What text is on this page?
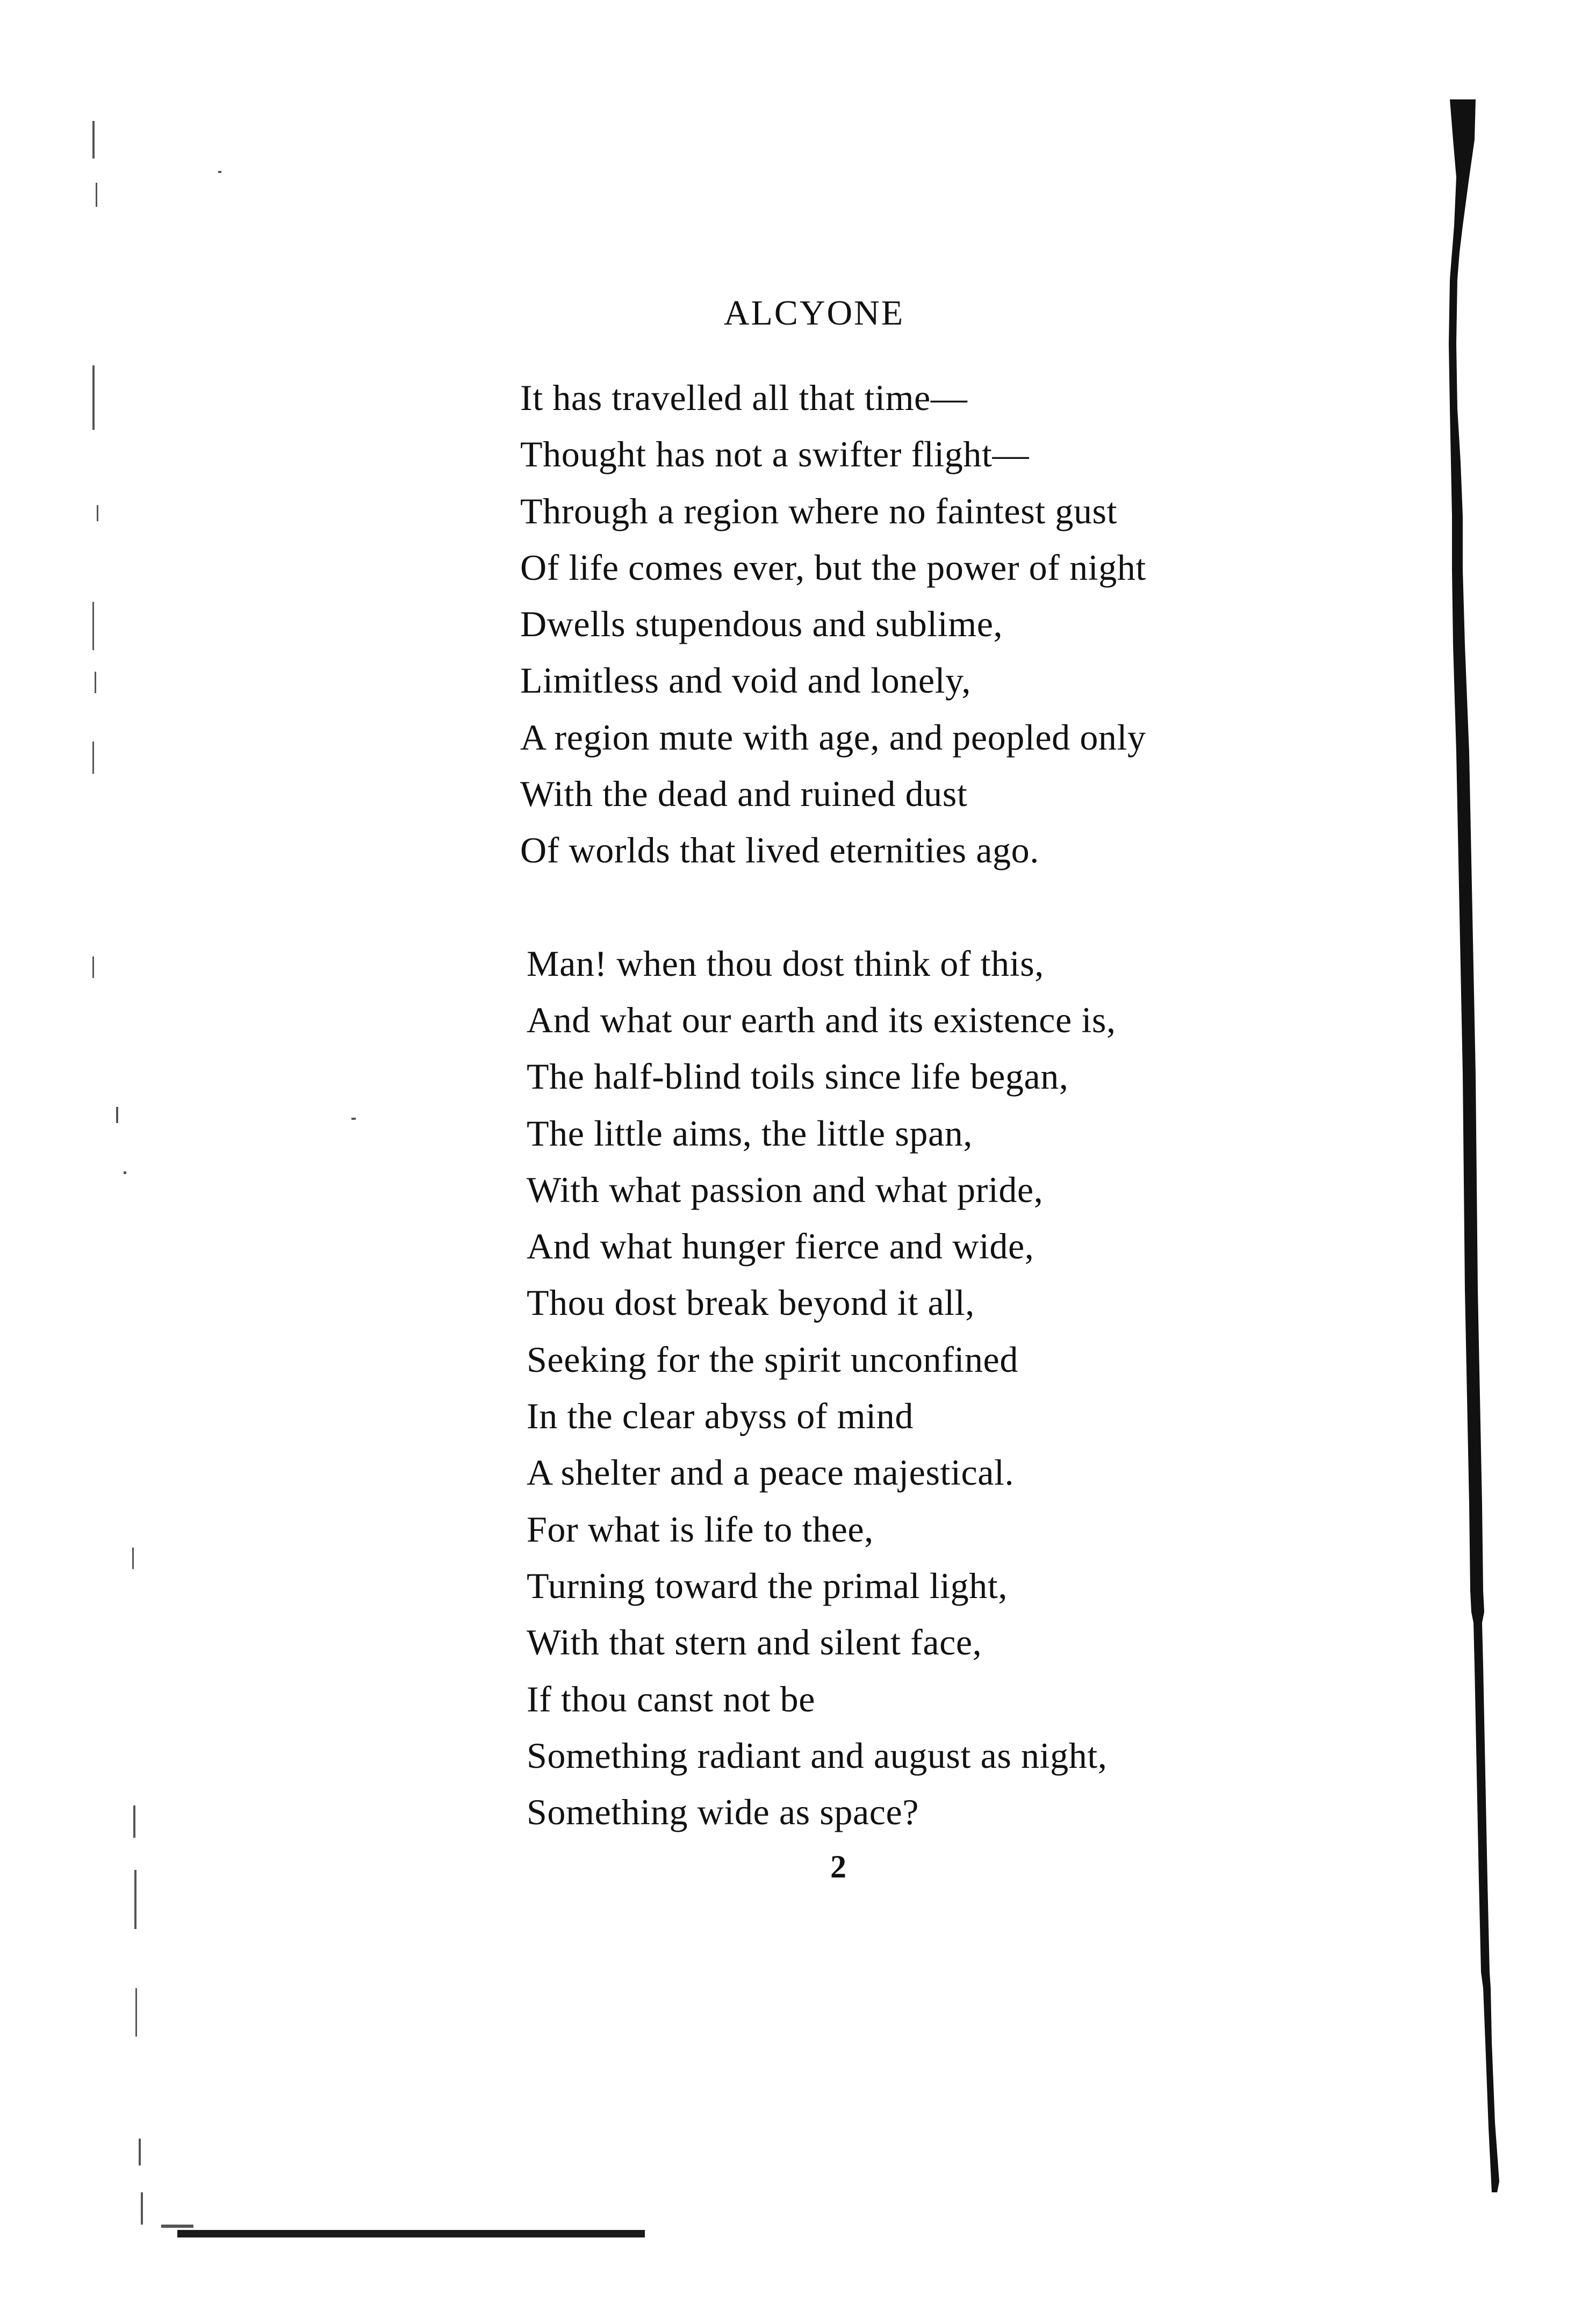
ALCYONE

It has travelled all that time—
Thought has not a swifter flight—
Through a region where no faintest gust
Of life comes ever, but the power of night
Dwells stupendous and sublime,
Limitless and void and lonely,
A region mute with age, and peopled only
With the dead and ruined dust
Of worlds that lived eternities ago.

Man! when thou dost think of this,
And what our earth and its existence is,
The half-blind toils since life began,
The little aims, the little span,
With what passion and what pride,
And what hunger fierce and wide,
Thou dost break beyond it all,
Seeking for the spirit unconfined
In the clear abyss of mind
A shelter and a peace majestical.
For what is life to thee,
Turning toward the primal light,
With that stern and silent face,
If thou canst not be
Something radiant and august as night,
Something wide as space?

2
